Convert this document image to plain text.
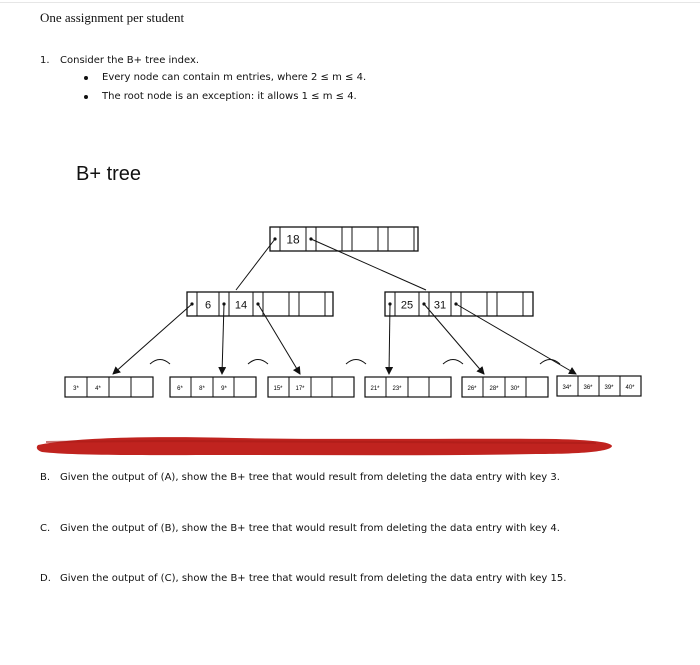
One assignment per student
1. Consider the B+ tree index.
Every node can contain m entries, where 2 ≤ m ≤ 4.
The root node is an exception: it allows 1 ≤ m ≤ 4.
B+ tree
18
6 14	25 31
3*	4*	6*	8*	9*	15* 17*	21* 23*	26* 28* 30*	34* 36* 39* 40*
B. Given the output of (A), show the B+ tree that would result from deleting the data entry with key 3.
C. Given the output of (B), show the B+ tree that would result from deleting the data entry with key 4.
D. Given the output of (C), show the B+ tree that would result from deleting the data entry with key 15.
